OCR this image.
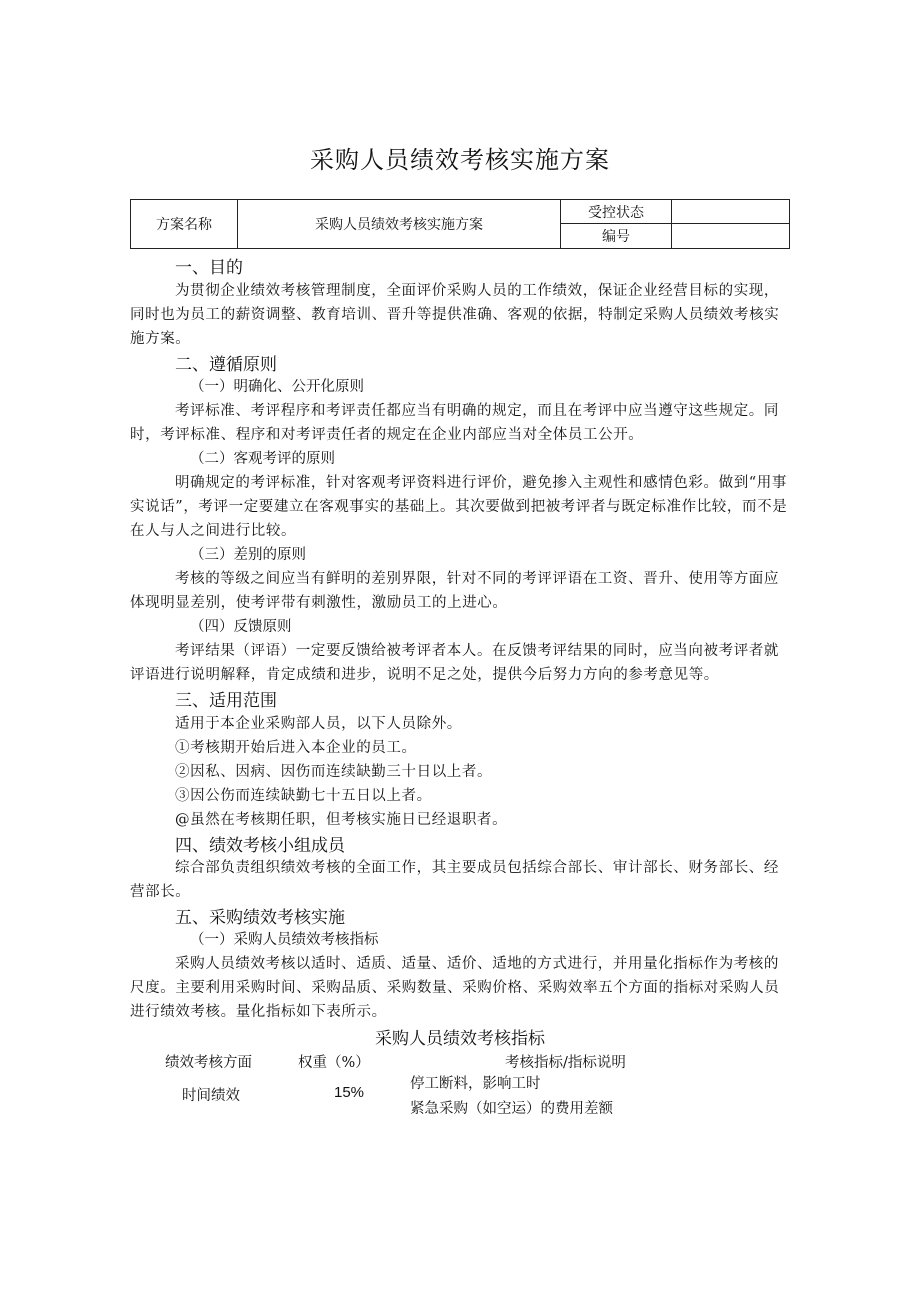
采购人员绩效考核实施方案
方案名称	采购人员绩效考核实施方案	受控状态	
		编号	
一、目的

为贯彻企业绩效考核管理制度，全面评价采购人员的工作绩效，保证企业经营目标的实现，同时也为员工的薪资调整、教育培训、晋升等提供准确、客观的依据，特制定采购人员绩效考核实施方案。

二、遵循原则
（一）明确化、公开化原则

考评标准、考评程序和考评责任都应当有明确的规定，而且在考评中应当遵守这些规定。同时，考评标准、程序和对考评责任者的规定在企业内部应当对全体员工公开。

（二）客观考评的原则

明确规定的考评标准，针对客观考评资料进行评价，避免掺入主观性和感情色彩。做到“用事实说话”，考评一定要建立在客观事实的基础上。其次要做到把被考评者与既定标准作比较，而不是在人与人之间进行比较。

（三）差别的原则

考核的等级之间应当有鲜明的差别界限，针对不同的考评评语在工资、晋升、使用等方面应体现明显差别，使考评带有刺激性，激励员工的上进心。

（四）反馈原则

考评结果（评语）一定要反馈给被考评者本人。在反馈考评结果的同时，应当向被考评者就评语进行说明解释，肯定成绩和进步，说明不足之处，提供今后努力方向的参考意见等。

三、适用范围
适用于本企业采购部人员，以下人员除外。
①考核期开始后进入本企业的员工。
②因私、因病、因伤而连续缺勤三十日以上者。
③因公伤而连续缺勤七十五日以上者。
@虽然在考核期任职，但考核实施日已经退职者。
四、绩效考核小组成员

综合部负责组织绩效考核的全面工作，其主要成员包括综合部长、审计部长、财务部长、经营部长。

五、采购绩效考核实施
（一）采购人员绩效考核指标

采购人员绩效考核以适时、适质、适量、适价、适地的方式进行，并用量化指标作为考核的尺度。主要利用采购时间、采购品质、采购数量、采购价格、采购效率五个方面的指标对采购人员进行绩效考核。量化指标如下表所示。

采购人员绩效考核指标
绩效考核方面	权重（%）	考核指标/指标说明
时间绩效	15%	停工断料，影响工时
紧急采购（如空运）的费用差额
